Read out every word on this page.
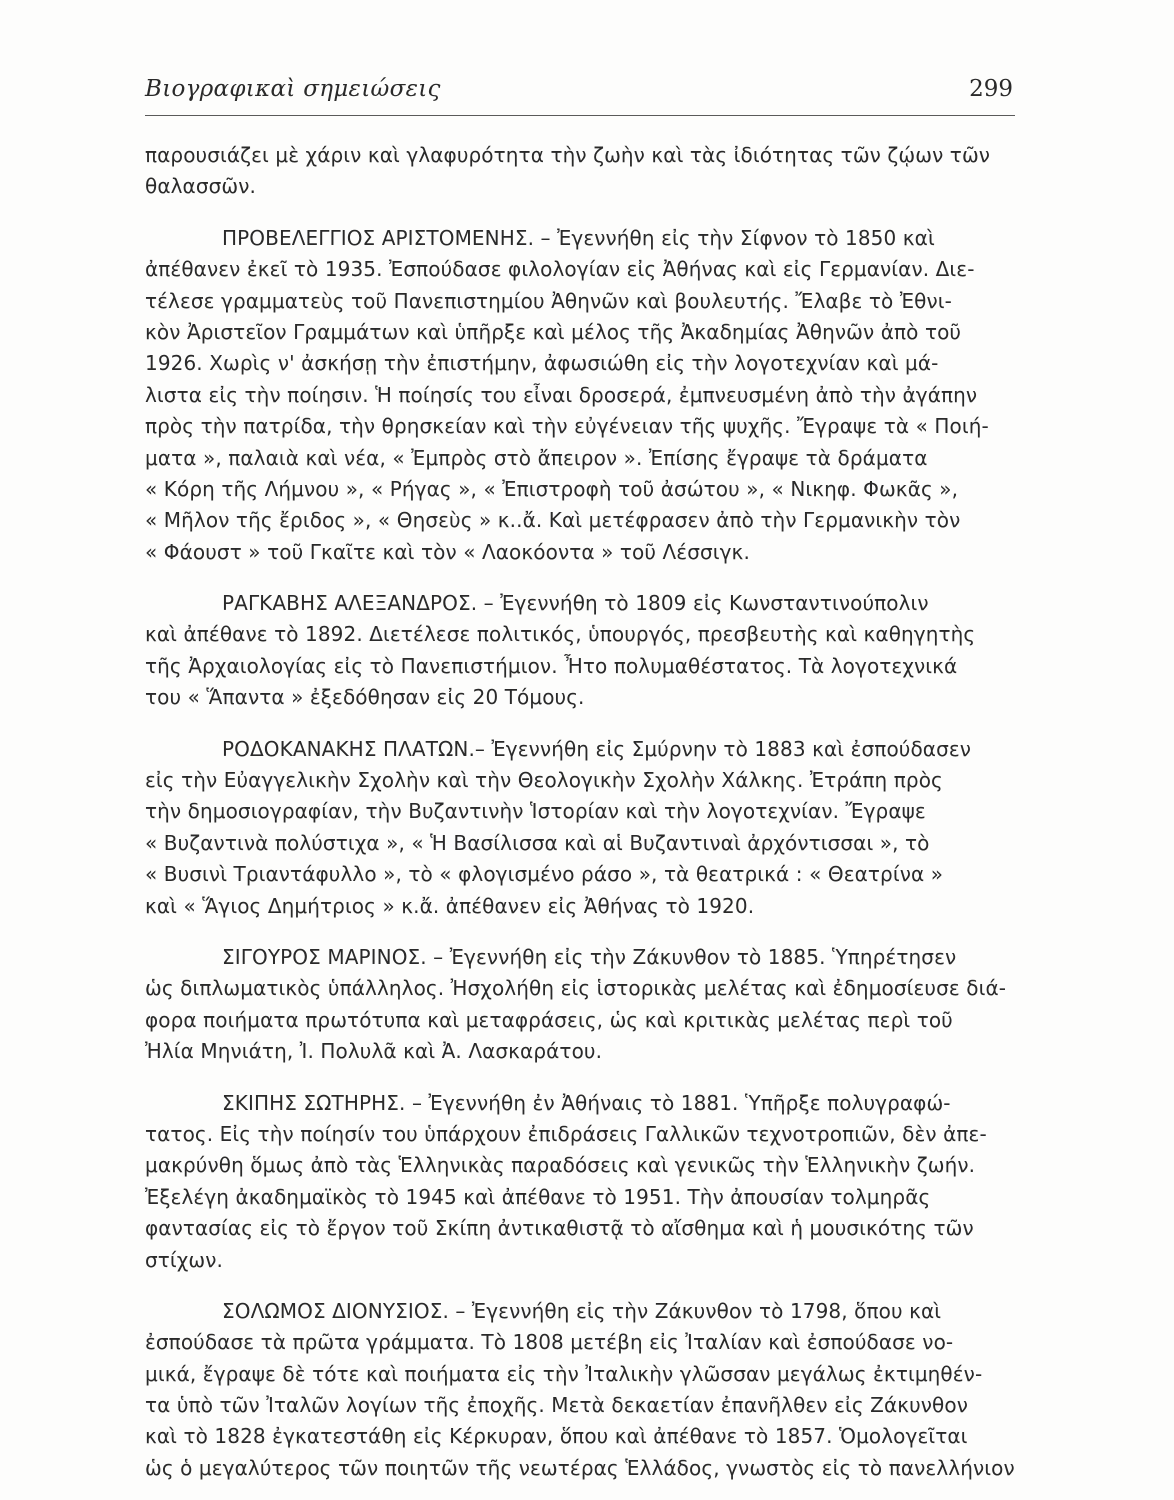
Βιογραφικαὶ σημειώσεις	299
παρουσιάζει μὲ χάριν καὶ γλαφυρότητα τὴν ζωὴν καὶ τὰς ἰδιότητας τῶν ζῴων τῶν
θαλασσῶν.
ΠΡΟΒΕΛΕΓΓΙΟΣ ΑΡΙΣΤΟΜΕΝΗΣ. – Ἐγεννήθη εἰς τὴν Σίφνον τὸ 1850 καὶ
ἀπέθανεν ἐκεῖ τὸ 1935. Ἐσπούδασε φιλολογίαν εἰς Ἀθήνας καὶ εἰς Γερμανίαν. Διε-
τέλεσε γραμματεὺς τοῦ Πανεπιστημίου Ἀθηνῶν καὶ βουλευτής. Ἔλαβε τὸ Ἐθνι-
κὸν Ἀριστεῖον Γραμμάτων καὶ ὑπῆρξε καὶ μέλος τῆς Ἀκαδημίας Ἀθηνῶν ἀπὸ τοῦ
1926. Χωρὶς ν' ἀσκήσῃ τὴν ἐπιστήμην, ἀφωσιώθη εἰς τὴν λογοτεχνίαν καὶ μά-
λιστα εἰς τὴν ποίησιν. Ἡ ποίησίς του εἶναι δροσερά, ἐμπνευσμένη ἀπὸ τὴν ἀγάπην
πρὸς τὴν πατρίδα, τὴν θρησκείαν καὶ τὴν εὐγένειαν τῆς ψυχῆς. Ἔγραψε τὰ « Ποιή-
ματα », παλαιὰ καὶ νέα, « Ἐμπρὸς στὸ ἄπειρον ». Ἐπίσης ἔγραψε τὰ δράματα
« Κόρη τῆς Λήμνου », « Ρήγας », « Ἐπιστροφὴ τοῦ ἀσώτου », « Νικηφ. Φωκᾶς »,
« Μῆλον τῆς ἔριδος », « Θησεὺς » κ..ἄ. Καὶ μετέφρασεν ἀπὸ τὴν Γερμανικὴν τὸν
« Φάουστ » τοῦ Γκαῖτε καὶ τὸν « Λαοκόοντα » τοῦ Λέσσιγκ.
ΡΑΓΚΑΒΗΣ ΑΛΕΞΑΝΔΡΟΣ. – Ἐγεννήθη τὸ 1809 εἰς Κωνσταντινούπολιν
καὶ ἀπέθανε τὸ 1892. Διετέλεσε πολιτικός, ὑπουργός, πρεσβευτὴς καὶ καθηγητὴς
τῆς Ἀρχαιολογίας εἰς τὸ Πανεπιστήμιον. Ἦτο πολυμαθέστατος. Τὰ λογοτεχνικά
του « Ἅπαντα » ἐξεδόθησαν εἰς 20 Τόμους.
ΡΟΔΟΚΑΝΑΚΗΣ ΠΛΑΤΩΝ.– Ἐγεννήθη εἰς Σμύρνην τὸ 1883 καὶ ἐσπούδασεν
εἰς τὴν Εὐαγγελικὴν Σχολὴν καὶ τὴν Θεολογικὴν Σχολὴν Χάλκης. Ἐτράπη πρὸς
τὴν δημοσιογραφίαν, τὴν Βυζαντινὴν Ἱστορίαν καὶ τὴν λογοτεχνίαν. Ἔγραψε
« Βυζαντινὰ πολύστιχα », « Ἡ Βασίλισσα καὶ αἱ Βυζαντιναὶ ἀρχόντισσαι », τὸ
« Βυσινὶ Τριαντάφυλλο », τὸ « φλογισμένο ράσο », τὰ θεατρικά : « Θεατρίνα »
καὶ « Ἅγιος Δημήτριος » κ.ἄ. ἀπέθανεν εἰς Ἀθήνας τὸ 1920.
ΣΙΓΟΥΡΟΣ ΜΑΡΙΝΟΣ. – Ἐγεννήθη εἰς τὴν Ζάκυνθον τὸ 1885. Ὑπηρέτησεν
ὡς διπλωματικὸς ὑπάλληλος. Ἠσχολήθη εἰς ἱστορικὰς μελέτας καὶ ἐδημοσίευσε διά-
φορα ποιήματα πρωτότυπα καὶ μεταφράσεις, ὡς καὶ κριτικὰς μελέτας περὶ τοῦ
Ἠλία Μηνιάτη, Ἰ. Πολυλᾶ καὶ Ἀ. Λασκαράτου.
ΣΚΙΠΗΣ ΣΩΤΗΡΗΣ. – Ἐγεννήθη ἐν Ἀθήναις τὸ 1881. Ὑπῆρξε πολυγραφώ-
τατος. Εἰς τὴν ποίησίν του ὑπάρχουν ἐπιδράσεις Γαλλικῶν τεχνοτροπιῶν, δὲν ἀπε-
μακρύνθη ὅμως ἀπὸ τὰς Ἑλληνικὰς παραδόσεις καὶ γενικῶς τὴν Ἑλληνικὴν ζωήν.
Ἐξελέγη ἀκαδημαϊκὸς τὸ 1945 καὶ ἀπέθανε τὸ 1951. Τὴν ἀπουσίαν τολμηρᾶς
φαντασίας εἰς τὸ ἔργον τοῦ Σκίπη ἀντικαθιστᾷ τὸ αἴσθημα καὶ ἡ μουσικότης τῶν
στίχων.
ΣΟΛΩΜΟΣ ΔΙΟΝΥΣΙΟΣ. – Ἐγεννήθη εἰς τὴν Ζάκυνθον τὸ 1798, ὅπου καὶ
ἐσπούδασε τὰ πρῶτα γράμματα. Τὸ 1808 μετέβη εἰς Ἰταλίαν καὶ ἐσπούδασε νο-
μικά, ἔγραψε δὲ τότε καὶ ποιήματα εἰς τὴν Ἰταλικὴν γλῶσσαν μεγάλως ἐκτιμηθέν-
τα ὑπὸ τῶν Ἰταλῶν λογίων τῆς ἐποχῆς. Μετὰ δεκαετίαν ἐπανῆλθεν εἰς Ζάκυνθον
καὶ τὸ 1828 ἐγκατεστάθη εἰς Κέρκυραν, ὅπου καὶ ἀπέθανε τὸ 1857. Ὁμολογεῖται
ὡς ὁ μεγαλύτερος τῶν ποιητῶν τῆς νεωτέρας Ἑλλάδος, γνωστὸς εἰς τὸ πανελλήνιον
